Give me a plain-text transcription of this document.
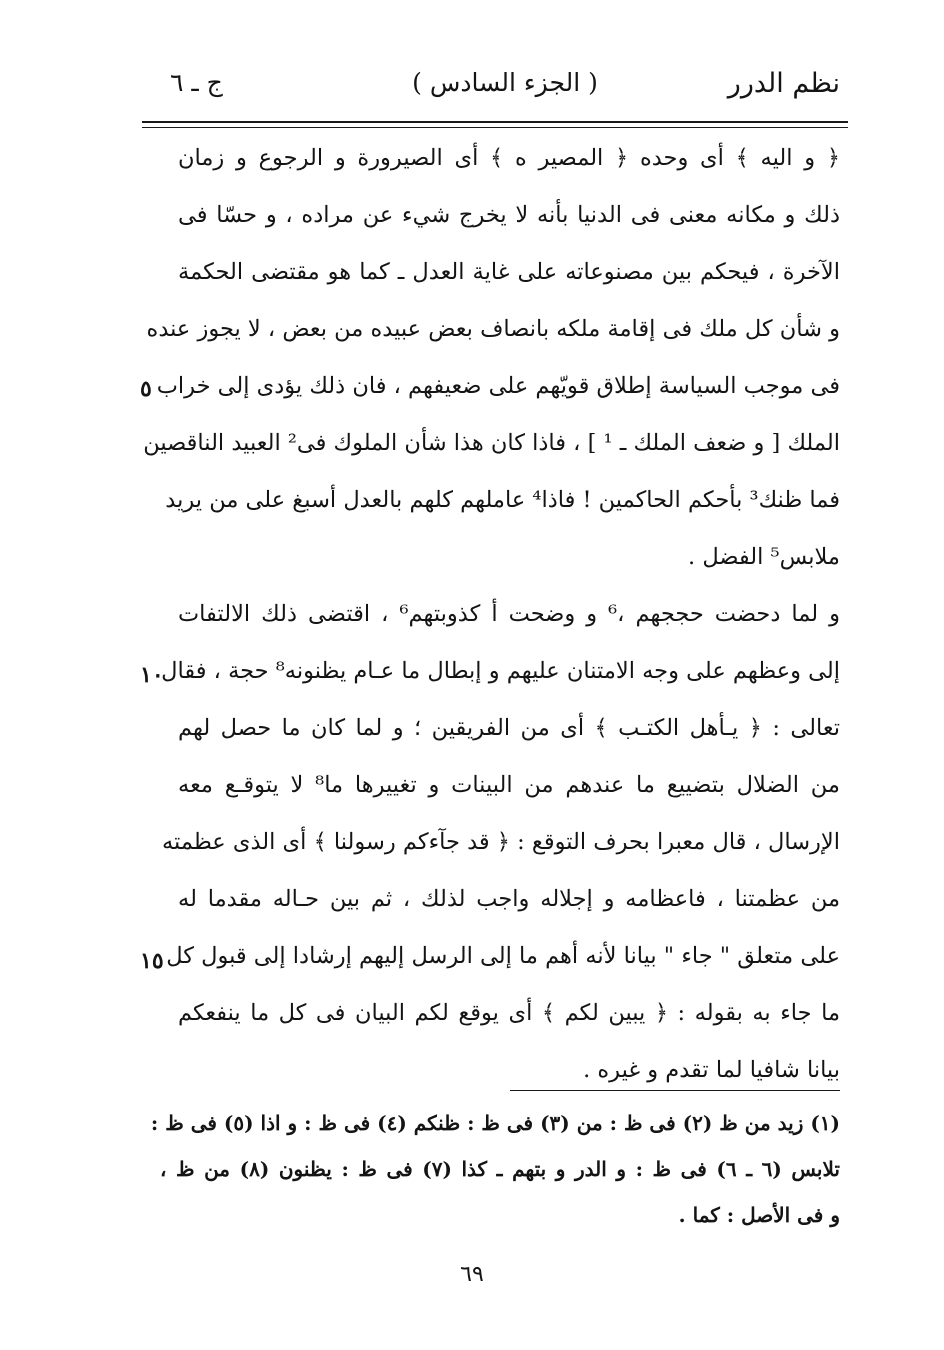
نظم الدرر
( الجزء السادس )
ج ـ ٦
﴿ و اليه ﴾ أى وحده ﴿ المصير ه ﴾ أى الصيرورة و الرجوع و زمان
ذلك و مكانه معنى فى الدنيا بأنه لا يخرج شيء عن مراده ، و حسّا فى
الآخرة ، فيحكم بين مصنوعاته على غاية العدل ـ كما هو مقتضى الحكمة
و شأن كل ملك فى إقامة ملكه بانصاف بعض عبيده من بعض ، لا يجوز عنده
فى موجب السياسة إطلاق قويّهم على ضعيفهم ، فان ذلك يؤدى إلى خراب
الملك [ و ضعف الملك ـ ¹ ] ، فاذا كان هذا شأن الملوك فى² العبيد الناقصين
فما ظنك³ بأحكم الحاكمين ! فاذا⁴ عاملهم كلهم بالعدل أسبغ على من يريد
ملابس⁵ الفضل .
و لما دحضت حججهم ،⁶ و وضحت أ كذوبتهم⁶ ، اقتضى ذلك الالتفات
إلى وعظهم على وجه الامتنان عليهم و إبطال ما عـام يظنونه⁸ حجة ، فقال
تعالى : ﴿ يـأهل الكتـب ﴾ أى من الفريقين ؛ و لما كان ما حصل لهم
من الضلال بتضييع ما عندهم من البينات و تغييرها ما⁸ لا يتوقـع معه
الإرسال ، قال معبرا بحرف التوقع : ﴿ قد جآءكم رسولنا ﴾ أى الذى عظمته
من عظمتنا ، فاعظامه و إجلاله واجب لذلك ، ثم بين حـاله مقدما له
على متعلق " جاء " بيانا لأنه أهم ما إلى الرسل إليهم إرشادا إلى قبول كل
ما جاء به بقوله : ﴿ يبين لكم ﴾ أى يوقع لكم البيان فى كل ما ينفعكم
بيانا شافيا لما تقدم و غيره .
٥
١٠
١٥
(١) زيد من ظ (٢) فى ظ : من (٣) فى ظ : ظنكم (٤) فى ظ : و اذا (٥) فى ظ :
تلابس (٦ ـ ٦) فى ظ : و الدر و بتهم ـ كذا (٧) فى ظ : يظنون (٨) من ظ ،
و فى الأصل : كما .
٦٩
